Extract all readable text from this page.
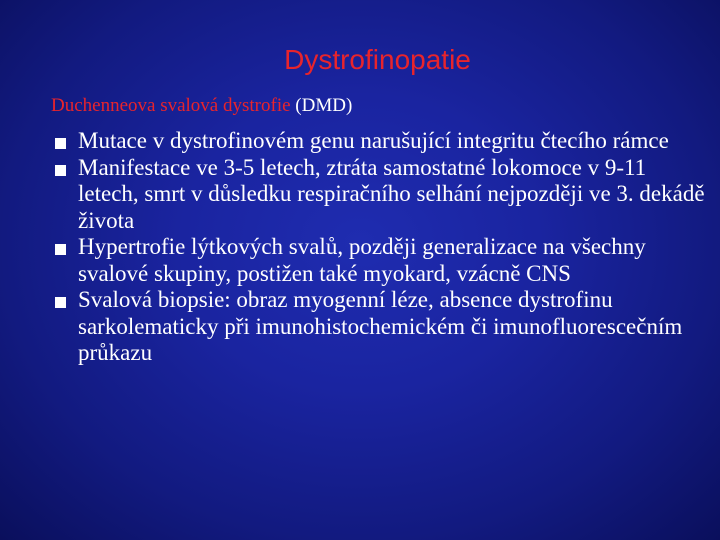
Dystrofinopatie
Duchenneova svalová dystrofie (DMD)
Mutace v dystrofinovém genu narušující integritu čtecího rámce
Manifestace ve 3-5 letech, ztráta samostatné lokomoce v 9-11 letech, smrt v důsledku respiračního selhání nejpozději ve 3. dekádě života
Hypertrofie lýtkových svalů, později generalizace na všechny svalové skupiny, postižen také myokard, vzácně CNS
Svalová biopsie: obraz myogenní léze, absence dystrofinu sarkolematicky při imunohistochemickém či imunofluorescečním průkazu
